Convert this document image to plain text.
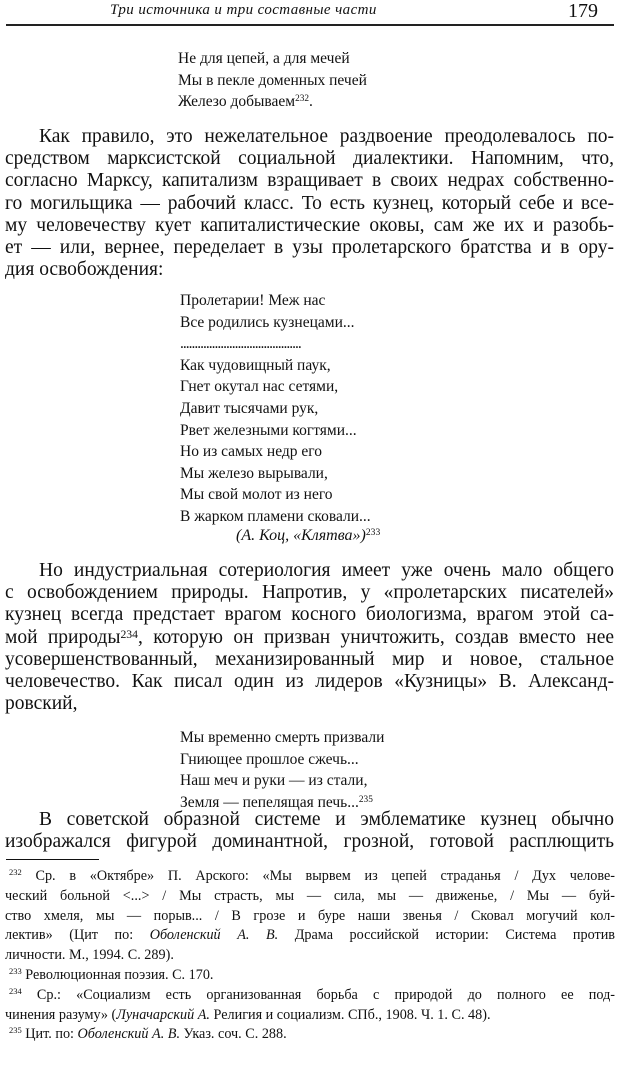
Три источника и три составные части	179
Не для цепей, а для мечей
Мы в пекле доменных печей
Железо добываем$^{232}$.
Как правило, это нежелательное раздвоение преодолевалось по-
средством марксистской социальной диалектики. Напомним, что,
согласно Марксу, капитализм взращивает в своих недрах собственно-
го могильщика — рабочий класс. То есть кузнец, который себе и все-
му человечеству кует капиталистические оковы, сам же их и разобь-
ет — или, вернее, переделает в узы пролетарского братства и в ору-
дия освобождения:
Пролетарии! Меж нас
Все родились кузнецами...
..........................................
Как чудовищный паук,
Гнет окутал нас сетями,
Давит тысячами рук,
Рвет железными когтями...
Но из самых недр его
Мы железо вырывали,
Мы свой молот из него
В жарком пламени сковали...
(А. Коц, «Клятва»)$^{233}$
Но индустриальная сотериология имеет уже очень мало общего
с освобождением природы. Напротив, у «пролетарских писателей»
кузнец всегда предстает врагом косного биологизма, врагом этой са-
мой природы$^{234}$, которую он призван уничтожить, создав вместо нее
усовершенствованный, механизированный мир и новое, стальное
человечество. Как писал один из лидеров «Кузницы» В. Александ-
ровский,
Мы временно смерть призвали
Гниющее прошлое сжечь...
Наш меч и руки — из стали,
Земля — пепелящая печь...$^{235}$
В советской образной системе и эмблематике кузнец обычно
изображался фигурой доминантной, грозной, готовой расплющить
$^{232}$ Ср. в «Октябре» П. Арского: «Мы вырвем из цепей страданья / Дух челове-
ческий больной <...> / Мы страсть, мы — сила, мы — движенье, / Мы — буй-
ство хмеля, мы — порыв... / В грозе и буре наши звенья / Сковал могучий кол-
лектив» (Цит по: Оболенский А. В. Драма российской истории: Система против
личности. М., 1994. С. 289).
$^{233}$ Революционная поэзия. С. 170.
$^{234}$ Ср.: «Социализм есть организованная борьба с природой до полного ее под-
чинения разуму» (Луначарский А. Религия и социализм. СПб., 1908. Ч. 1. С. 48).
$^{235}$ Цит. по: Оболенский А. В. Указ. соч. С. 288.
